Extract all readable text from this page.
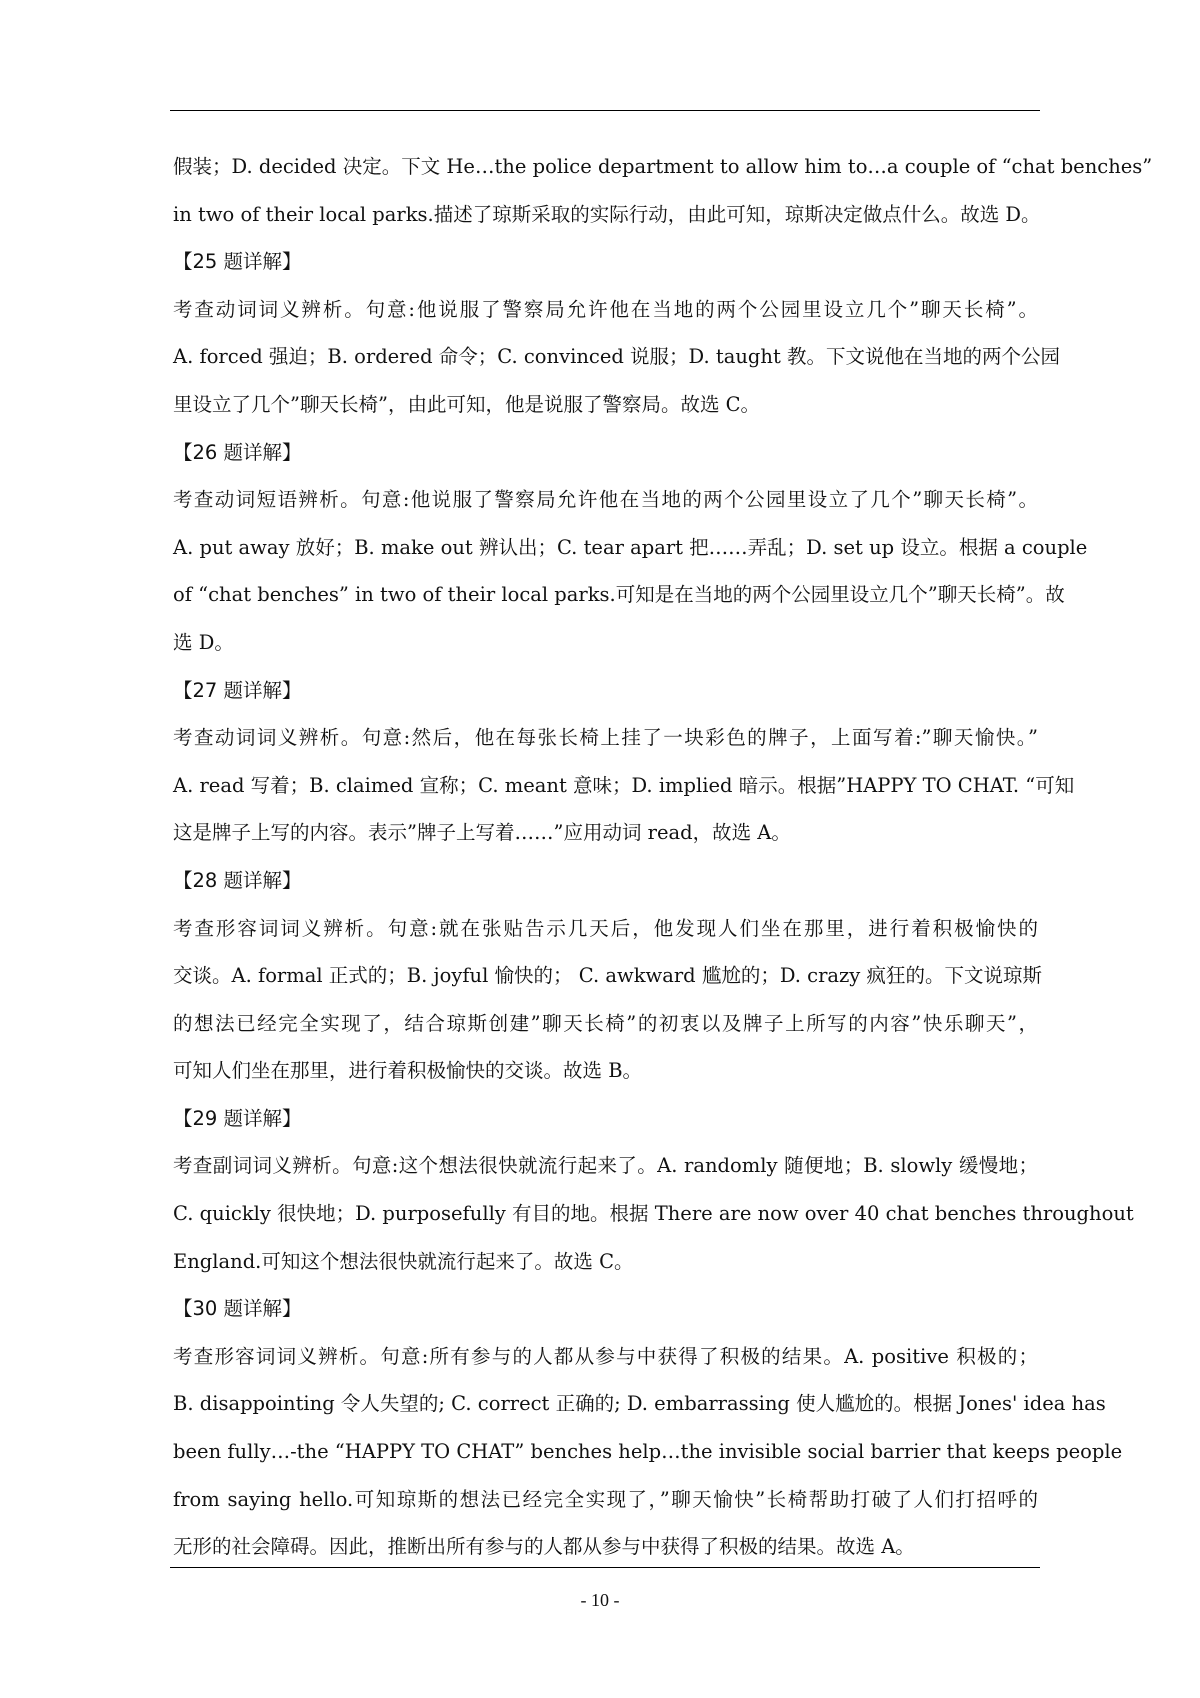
假装；D. decided 决定。下文 He…the police department to allow him to…a couple of “chat benches”
in two of their local parks.描述了琼斯采取的实际行动，由此可知，琼斯决定做点什么。故选 D。
【25 题详解】
考查动词词义辨析。句意:他说服了警察局允许他在当地的两个公园里设立几个”聊天长椅”。
A. forced 强迫；B. ordered 命令；C. convinced 说服；D. taught 教。下文说他在当地的两个公园
里设立了几个”聊天长椅”，由此可知，他是说服了警察局。故选 C。
【26 题详解】
考查动词短语辨析。句意:他说服了警察局允许他在当地的两个公园里设立了几个”聊天长椅”。
A. put away 放好；B. make out 辨认出；C. tear apart 把……弄乱；D. set up 设立。根据 a couple
of “chat benches” in two of their local parks.可知是在当地的两个公园里设立几个”聊天长椅”。故
选 D。
【27 题详解】
考查动词词义辨析。句意:然后，他在每张长椅上挂了一块彩色的牌子，上面写着:”聊天愉快。”
A. read 写着；B. claimed 宣称；C. meant 意味；D. implied 暗示。根据”HAPPY TO CHAT. “可知
这是牌子上写的内容。表示”牌子上写着……”应用动词 read，故选 A。
【28 题详解】
考查形容词词义辨析。句意:就在张贴告示几天后，他发现人们坐在那里，进行着积极愉快的
交谈。A. formal 正式的；B. joyful 愉快的； C. awkward 尴尬的；D. crazy 疯狂的。下文说琼斯
的想法已经完全实现了，结合琼斯创建”聊天长椅”的初衷以及牌子上所写的内容”快乐聊天”，
可知人们坐在那里，进行着积极愉快的交谈。故选 B。
【29 题详解】
考查副词词义辨析。句意:这个想法很快就流行起来了。A. randomly 随便地；B. slowly 缓慢地；
C. quickly 很快地；D. purposefully 有目的地。根据 There are now over 40 chat benches throughout
England.可知这个想法很快就流行起来了。故选 C。
【30 题详解】
考查形容词词义辨析。句意:所有参与的人都从参与中获得了积极的结果。A. positive 积极的；
B. disappointing 令人失望的; C. correct 正确的; D. embarrassing 使人尴尬的。根据 Jones' idea has
been fully…-the “HAPPY TO CHAT” benches help…the invisible social barrier that keeps people
from saying hello.可知琼斯的想法已经完全实现了，”聊天愉快”长椅帮助打破了人们打招呼的
无形的社会障碍。因此，推断出所有参与的人都从参与中获得了积极的结果。故选 A。
- 10 -
